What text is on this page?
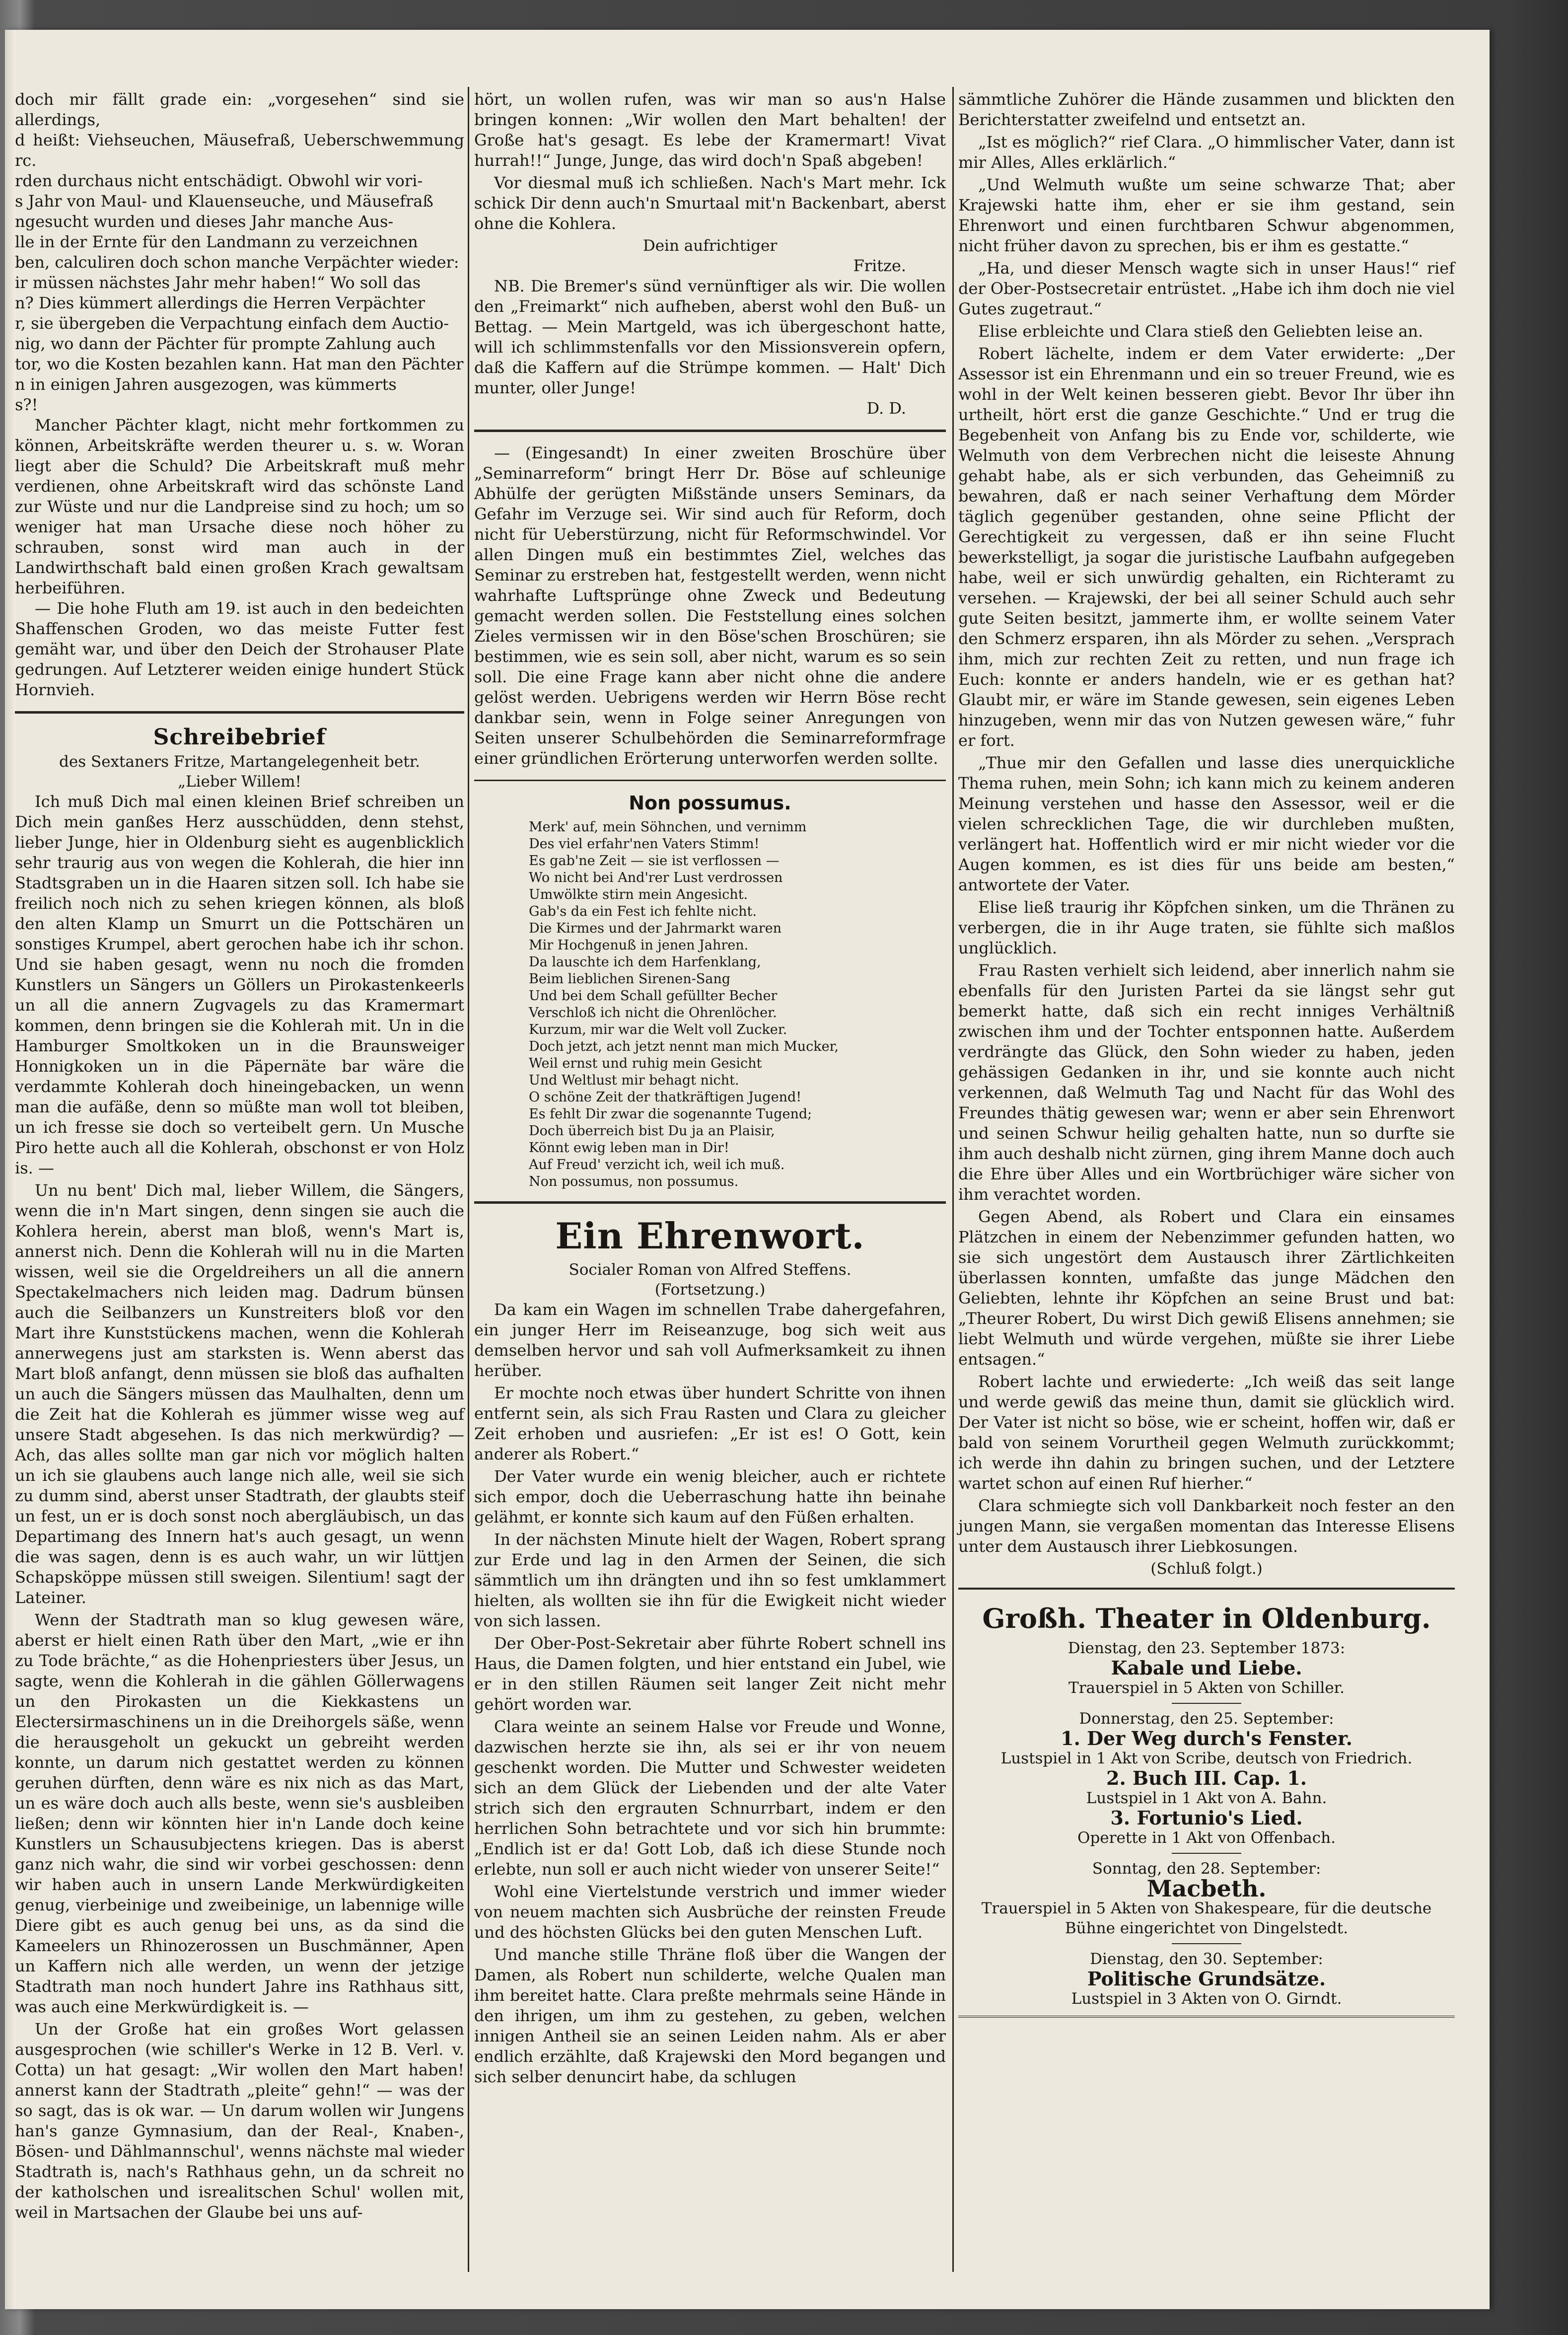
doch mir fällt grade ein: „vorgesehen“ sind sie allerdings,
d heißt: Viehseuchen, Mäusefraß, Ueberschwemmung rc.
rden durchaus nicht entschädigt. Obwohl wir vori-
s Jahr von Maul- und Klauenseuche, und Mäusefraß
ngesucht wurden und dieses Jahr manche Aus-
lle in der Ernte für den Landmann zu verzeichnen
ben, calculiren doch schon manche Verpächter wieder:
ir müssen nächstes Jahr mehr haben!“ Wo soll das
n? Dies kümmert allerdings die Herren Verpächter
r, sie übergeben die Verpachtung einfach dem Auctio-
nig, wo dann der Pächter für prompte Zahlung auch
tor, wo die Kosten bezahlen kann. Hat man den Pächter
n in einigen Jahren ausgezogen, was kümmerts
s?!

Mancher Pächter klagt, nicht mehr fortkommen zu können, Arbeitskräfte werden theurer u. s. w. Woran liegt aber die Schuld? Die Arbeitskraft muß mehr verdienen, ohne Arbeitskraft wird das schönste Land zur Wüste und nur die Landpreise sind zu hoch; um so weniger hat man Ursache diese noch höher zu schrauben, sonst wird man auch in der Landwirthschaft bald einen großen Krach gewaltsam herbeiführen.

— Die hohe Fluth am 19. ist auch in den bedeichten Shaffenschen Groden, wo das meiste Futter fest gemäht war, und über den Deich der Strohauser Plate gedrungen. Auf Letzterer weiden einige hundert Stück Hornvieh.

Schreibebrief
des Sextaners Fritze, Martangelegenheit betr.
„Lieber Willem!

Ich muß Dich mal einen kleinen Brief schreiben un Dich mein ganßes Herz ausschüdden, denn stehst, lieber Junge, hier in Oldenburg sieht es augenblicklich sehr traurig aus von wegen die Kohlerah, die hier inn Stadtsgraben un in die Haaren sitzen soll. Ich habe sie freilich noch nich zu sehen kriegen können, als bloß den alten Klamp un Smurrt un die Pottschären un sonstiges Krumpel, abert gerochen habe ich ihr schon. Und sie haben gesagt, wenn nu noch die fromden Kunstlers un Sängers un Göllers un Pirokastenkeerls un all die annern Zugvagels zu das Kramermart kommen, denn bringen sie die Kohlerah mit. Un in die Hamburger Smoltkoken un in die Braunsweiger Honnigkoken un in die Päpernäte bar wäre die verdammte Kohlerah doch hineingebacken, un wenn man die aufäße, denn so müßte man woll tot bleiben, un ich fresse sie doch so verteibelt gern. Un Musche Piro hette auch all die Kohlerah, obschonst er von Holz is. —

Un nu bent' Dich mal, lieber Willem, die Sängers, wenn die in'n Mart singen, denn singen sie auch die Kohlera herein, aberst man bloß, wenn's Mart is, annerst nich. Denn die Kohlerah will nu in die Marten wissen, weil sie die Orgeldreihers un all die annern Spectakelmachers nich leiden mag. Dadrum bünsen auch die Seilbanzers un Kunstreiters bloß vor den Mart ihre Kunststückens machen, wenn die Kohlerah annerwegens just am starksten is. Wenn aberst das Mart bloß anfangt, denn müssen sie bloß das aufhalten un auch die Sängers müssen das Maulhalten, denn um die Zeit hat die Kohlerah es jümmer wisse weg auf unsere Stadt abgesehen. Is das nich merkwürdig? — Ach, das alles sollte man gar nich vor möglich halten un ich sie glaubens auch lange nich alle, weil sie sich zu dumm sind, aberst unser Stadtrath, der glaubts steif un fest, un er is doch sonst noch abergläubisch, un das Departimang des Innern hat's auch gesagt, un wenn die was sagen, denn is es auch wahr, un wir lüttjen Schapsköppe müssen still sweigen. Silentium! sagt der Lateiner.

Wenn der Stadtrath man so klug gewesen wäre, aberst er hielt einen Rath über den Mart, „wie er ihn zu Tode brächte,“ as die Hohenpriesters über Jesus, un sagte, wenn die Kohlerah in die gählen Göllerwagens un den Pirokasten un die Kiekkastens un Electersirmaschinens un in die Dreihorgels säße, wenn die herausgeholt un gekuckt un gebreiht werden konnte, un darum nich gestattet werden zu können geruhen dürften, denn wäre es nix nich as das Mart, un es wäre doch auch alls beste, wenn sie's ausbleiben ließen; denn wir könnten hier in'n Lande doch keine Kunstlers un Schausubjectens kriegen. Das is aberst ganz nich wahr, die sind wir vorbei geschossen: denn wir haben auch in unsern Lande Merkwürdigkeiten genug, vierbeinige und zweibeinige, un labennige wille Diere gibt es auch genug bei uns, as da sind die Kameelers un Rhinozerossen un Buschmänner, Apen un Kaffern nich alle werden, un wenn der jetzige Stadtrath man noch hundert Jahre ins Rathhaus sitt, was auch eine Merkwürdigkeit is. —

Un der Große hat ein großes Wort gelassen ausgesprochen (wie schiller's Werke in 12 B. Verl. v. Cotta) un hat gesagt: „Wir wollen den Mart haben! annerst kann der Stadtrath „pleite“ gehn!“ — was der so sagt, das is ok war. — Un darum wollen wir Jungens han's ganze Gymnasium, dan der Real-, Knaben-, Bösen- und Dählmannschul', wenns nächste mal wieder Stadtrath is, nach's Rathhaus gehn, un da schreit no der katholschen und isrealitschen Schul' wollen mit, weil in Martsachen der Glaube bei uns auf-

hört, un wollen rufen, was wir man so aus'n Halse bringen konnen: „Wir wollen den Mart behalten! der Große hat's gesagt. Es lebe der Kramermart! Vivat hurrah!!“ Junge, Junge, das wird doch'n Spaß abgeben!

Vor diesmal muß ich schließen. Nach's Mart mehr. Ick schick Dir denn auch'n Smurtaal mit'n Backenbart, aberst ohne die Kohlera.

Dein aufrichtiger
Fritze.

NB. Die Bremer's sünd vernünftiger als wir. Die wollen den „Freimarkt“ nich aufheben, aberst wohl den Buß- un Bettag. — Mein Martgeld, was ich übergeschont hatte, will ich schlimmstenfalls vor den Missionsverein opfern, daß die Kaffern auf die Strümpe kommen. — Halt' Dich munter, oller Junge!

D. D.

— (Eingesandt) In einer zweiten Broschüre über „Seminarreform“ bringt Herr Dr. Böse auf schleunige Abhülfe der gerügten Mißstände unsers Seminars, da Gefahr im Verzuge sei. Wir sind auch für Reform, doch nicht für Ueberstürzung, nicht für Reformschwindel. Vor allen Dingen muß ein bestimmtes Ziel, welches das Seminar zu erstreben hat, festgestellt werden, wenn nicht wahrhafte Luftsprünge ohne Zweck und Bedeutung gemacht werden sollen. Die Feststellung eines solchen Zieles vermissen wir in den Böse'schen Broschüren; sie bestimmen, wie es sein soll, aber nicht, warum es so sein soll. Die eine Frage kann aber nicht ohne die andere gelöst werden. Uebrigens werden wir Herrn Böse recht dankbar sein, wenn in Folge seiner Anregungen von Seiten unserer Schulbehörden die Seminarreformfrage einer gründlichen Erörterung unterworfen werden sollte.

Non possumus.
Merk' auf, mein Söhnchen, und vernimm
Des viel erfahr'nen Vaters Stimm!
Es gab'ne Zeit — sie ist verflossen —
Wo nicht bei And'rer Lust verdrossen
Umwölkte stirn mein Angesicht.
Gab's da ein Fest ich fehlte nicht.
Die Kirmes und der Jahrmarkt waren
Mir Hochgenuß in jenen Jahren.
Da lauschte ich dem Harfenklang,
Beim lieblichen Sirenen-Sang
Und bei dem Schall gefüllter Becher
Verschloß ich nicht die Ohrenlöcher.
Kurzum, mir war die Welt voll Zucker.
Doch jetzt, ach jetzt nennt man mich Mucker,
Weil ernst und ruhig mein Gesicht
Und Weltlust mir behagt nicht.
O schöne Zeit der thatkräftigen Jugend!
Es fehlt Dir zwar die sogenannte Tugend;
Doch überreich bist Du ja an Plaisir,
Könnt ewig leben man in Dir!
Auf Freud' verzicht ich, weil ich muß.
Non possumus, non possumus.
Ein Ehrenwort.
Socialer Roman von Alfred Steffens.
(Fortsetzung.)

Da kam ein Wagen im schnellen Trabe dahergefahren, ein junger Herr im Reiseanzuge, bog sich weit aus demselben hervor und sah voll Aufmerksamkeit zu ihnen herüber.

Er mochte noch etwas über hundert Schritte von ihnen entfernt sein, als sich Frau Rasten und Clara zu gleicher Zeit erhoben und ausriefen: „Er ist es! O Gott, kein anderer als Robert.“

Der Vater wurde ein wenig bleicher, auch er richtete sich empor, doch die Ueberraschung hatte ihn beinahe gelähmt, er konnte sich kaum auf den Füßen erhalten.

In der nächsten Minute hielt der Wagen, Robert sprang zur Erde und lag in den Armen der Seinen, die sich sämmtlich um ihn drängten und ihn so fest umklammert hielten, als wollten sie ihn für die Ewigkeit nicht wieder von sich lassen.

Der Ober-Post-Sekretair aber führte Robert schnell ins Haus, die Damen folgten, und hier entstand ein Jubel, wie er in den stillen Räumen seit langer Zeit nicht mehr gehört worden war.

Clara weinte an seinem Halse vor Freude und Wonne, dazwischen herzte sie ihn, als sei er ihr von neuem geschenkt worden. Die Mutter und Schwester weideten sich an dem Glück der Liebenden und der alte Vater strich sich den ergrauten Schnurrbart, indem er den herrlichen Sohn betrachtete und vor sich hin brummte: „Endlich ist er da! Gott Lob, daß ich diese Stunde noch erlebte, nun soll er auch nicht wieder von unserer Seite!“

Wohl eine Viertelstunde verstrich und immer wieder von neuem machten sich Ausbrüche der reinsten Freude und des höchsten Glücks bei den guten Menschen Luft.

Und manche stille Thräne floß über die Wangen der Damen, als Robert nun schilderte, welche Qualen man ihm bereitet hatte. Clara preßte mehrmals seine Hände in den ihrigen, um ihm zu gestehen, zu geben, welchen innigen Antheil sie an seinen Leiden nahm. Als er aber endlich erzählte, daß Krajewski den Mord begangen und sich selber denuncirt habe, da schlugen

sämmtliche Zuhörer die Hände zusammen und blickten den Berichterstatter zweifelnd und entsetzt an.

„Ist es möglich?“ rief Clara. „O himmlischer Vater, dann ist mir Alles, Alles erklärlich.“

„Und Welmuth wußte um seine schwarze That; aber Krajewski hatte ihm, eher er sie ihm gestand, sein Ehrenwort und einen furchtbaren Schwur abgenommen, nicht früher davon zu sprechen, bis er ihm es gestatte.“

„Ha, und dieser Mensch wagte sich in unser Haus!“ rief der Ober-Postsecretair entrüstet. „Habe ich ihm doch nie viel Gutes zugetraut.“

Elise erbleichte und Clara stieß den Geliebten leise an.

Robert lächelte, indem er dem Vater erwiderte: „Der Assessor ist ein Ehrenmann und ein so treuer Freund, wie es wohl in der Welt keinen besseren giebt. Bevor Ihr über ihn urtheilt, hört erst die ganze Geschichte.“ Und er trug die Begebenheit von Anfang bis zu Ende vor, schilderte, wie Welmuth von dem Verbrechen nicht die leiseste Ahnung gehabt habe, als er sich verbunden, das Geheimniß zu bewahren, daß er nach seiner Verhaftung dem Mörder täglich gegenüber gestanden, ohne seine Pflicht der Gerechtigkeit zu vergessen, daß er ihn seine Flucht bewerkstelligt, ja sogar die juristische Laufbahn aufgegeben habe, weil er sich unwürdig gehalten, ein Richteramt zu versehen. — Krajewski, der bei all seiner Schuld auch sehr gute Seiten besitzt, jammerte ihm, er wollte seinem Vater den Schmerz ersparen, ihn als Mörder zu sehen. „Versprach ihm, mich zur rechten Zeit zu retten, und nun frage ich Euch: konnte er anders handeln, wie er es gethan hat? Glaubt mir, er wäre im Stande gewesen, sein eigenes Leben hinzugeben, wenn mir das von Nutzen gewesen wäre,“ fuhr er fort.

„Thue mir den Gefallen und lasse dies unerquickliche Thema ruhen, mein Sohn; ich kann mich zu keinem anderen Meinung verstehen und hasse den Assessor, weil er die vielen schrecklichen Tage, die wir durchleben mußten, verlängert hat. Hoffentlich wird er mir nicht wieder vor die Augen kommen, es ist dies für uns beide am besten,“ antwortete der Vater.

Elise ließ traurig ihr Köpfchen sinken, um die Thränen zu verbergen, die in ihr Auge traten, sie fühlte sich maßlos unglücklich.

Frau Rasten verhielt sich leidend, aber innerlich nahm sie ebenfalls für den Juristen Partei da sie längst sehr gut bemerkt hatte, daß sich ein recht inniges Verhältniß zwischen ihm und der Tochter entsponnen hatte. Außerdem verdrängte das Glück, den Sohn wieder zu haben, jeden gehässigen Gedanken in ihr, und sie konnte auch nicht verkennen, daß Welmuth Tag und Nacht für das Wohl des Freundes thätig gewesen war; wenn er aber sein Ehrenwort und seinen Schwur heilig gehalten hatte, nun so durfte sie ihm auch deshalb nicht zürnen, ging ihrem Manne doch auch die Ehre über Alles und ein Wortbrüchiger wäre sicher von ihm verachtet worden.

Gegen Abend, als Robert und Clara ein einsames Plätzchen in einem der Nebenzimmer gefunden hatten, wo sie sich ungestört dem Austausch ihrer Zärtlichkeiten überlassen konnten, umfaßte das junge Mädchen den Geliebten, lehnte ihr Köpfchen an seine Brust und bat: „Theurer Robert, Du wirst Dich gewiß Elisens annehmen; sie liebt Welmuth und würde vergehen, müßte sie ihrer Liebe entsagen.“

Robert lachte und erwiederte: „Ich weiß das seit lange und werde gewiß das meine thun, damit sie glücklich wird. Der Vater ist nicht so böse, wie er scheint, hoffen wir, daß er bald von seinem Vorurtheil gegen Welmuth zurückkommt; ich werde ihn dahin zu bringen suchen, und der Letztere wartet schon auf einen Ruf hierher.“

Clara schmiegte sich voll Dankbarkeit noch fester an den jungen Mann, sie vergaßen momentan das Interesse Elisens unter dem Austausch ihrer Liebkosungen.

(Schluß folgt.)
Großh. Theater in Oldenburg.
Dienstag, den 23. September 1873:
Kabale und Liebe.
Trauerspiel in 5 Akten von Schiller.
Donnerstag, den 25. September:
1. Der Weg durch's Fenster.
Lustspiel in 1 Akt von Scribe, deutsch von Friedrich.
2. Buch III. Cap. 1.
Lustspiel in 1 Akt von A. Bahn.
3. Fortunio's Lied.
Operette in 1 Akt von Offenbach.
Sonntag, den 28. September:
Macbeth.
Trauerspiel in 5 Akten von Shakespeare, für die deutsche Bühne eingerichtet von Dingelstedt.
Dienstag, den 30. September:
Politische Grundsätze.
Lustspiel in 3 Akten von O. Girndt.
